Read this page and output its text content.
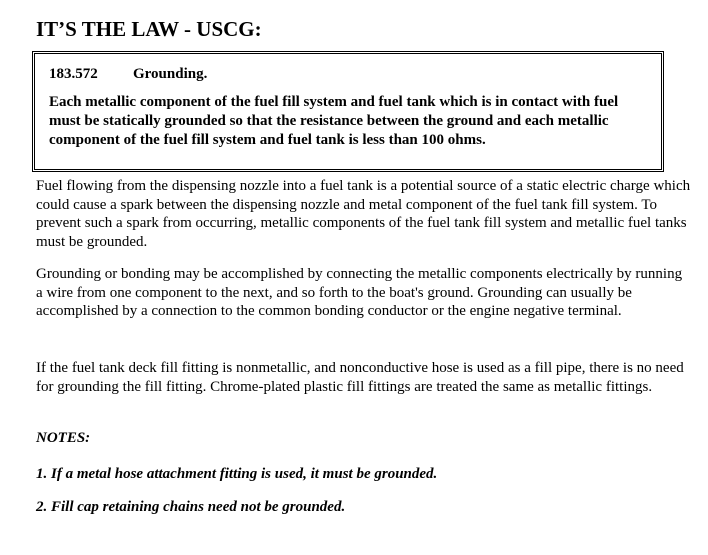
IT’S THE LAW - USCG:
183.572 Grounding.
Each metallic component of the fuel fill system and fuel tank which is in contact with fuel must be statically grounded so that the resistance between the ground and each metallic component of the fuel fill system and fuel tank is less than 100 ohms.

Fuel flowing from the dispensing nozzle into a fuel tank is a potential source of a static electric charge which could cause a spark between the dispensing nozzle and metal component of the fuel tank fill system. To prevent such a spark from occurring, metallic components of the fuel tank fill system and metallic fuel tanks must be grounded.

Grounding or bonding may be accomplished by connecting the metallic components electrically by running a wire from one component to the next, and so forth to the boat's ground. Grounding can usually be accomplished by a connection to the common bonding conductor or the engine negative terminal.

If the fuel tank deck fill fitting is nonmetallic, and nonconductive hose is used as a fill pipe, there is no need for grounding the fill fitting. Chrome-plated plastic fill fittings are treated the same as metallic fittings.

NOTES:

1. If a metal hose attachment fitting is used, it must be grounded.

2. Fill cap retaining chains need not be grounded.
